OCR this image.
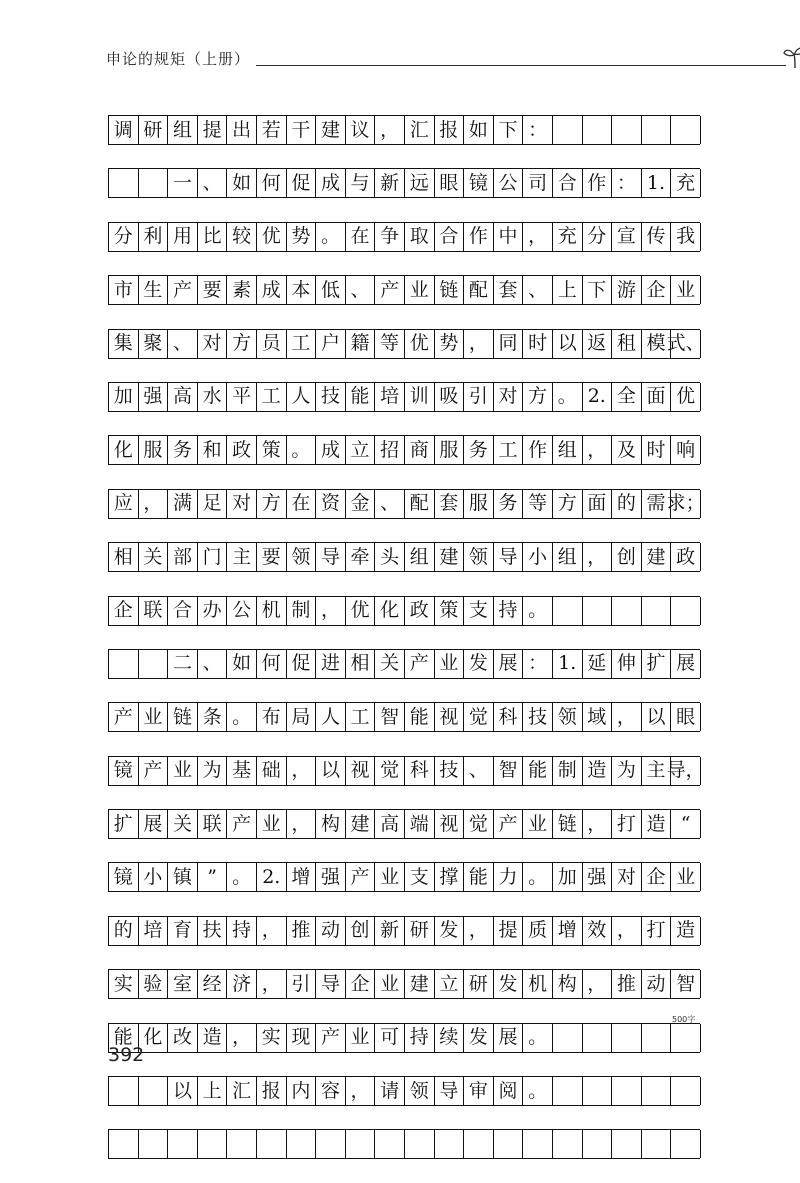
申论的规矩（上册）
调 研 组 提 出 若 干 建 议 ， 汇 报 如 下 ：
一 、 如 何 促 成 与 新 远 眼 镜 公 司 合 作 ： 1. 充
分 利 用 比 较 优 势 。 在 争 取 合 作 中 ， 充 分 宣 传 我
市 生 产 要 素 成 本 低 、 产 业 链 配 套 、 上 下 游 企 业
集 聚 、 对 方 员 工 户 籍 等 优 势 ， 同 时 以 返 租 模 式、
加 强 高 水 平 工 人 技 能 培 训 吸 引 对 方 。 2. 全 面 优
化 服 务 和 政 策 。 成 立 招 商 服 务 工 作 组 ， 及 时 响
应 ， 满 足 对 方 在 资 金 、 配 套 服 务 等 方 面 的 需 求；
相 关 部 门 主 要 领 导 牵 头 组 建 领 导 小 组 ， 创 建 政
企 联 合 办 公 机 制 ， 优 化 政 策 支 持 。
二 、 如 何 促 进 相 关 产 业 发 展 ： 1. 延 伸 扩 展
产 业 链 条 。 布 局 人 工 智 能 视 觉 科 技 领 域 ， 以 眼
镜 产 业 为 基 础 ， 以 视 觉 科 技 、 智 能 制 造 为 主 导，
扩 展 关 联 产 业 ， 构 建 高 端 视 觉 产 业 链 ， 打 造 “
镜 小 镇 ” 。 2. 增 强 产 业 支 撑 能 力 。 加 强 对 企 业
的 培 育 扶 持 ， 推 动 创 新 研 发 ， 提 质 增 效 ， 打 造
实 验 室 经 济 ， 引 导 企 业 建 立 研 发 机 构 ， 推 动 智
能 化 改 造 ， 实 现 产 业 可 持 续 发 展 。
以 上 汇 报 内 容 ， 请 领 导 审 阅 。
500字
392
